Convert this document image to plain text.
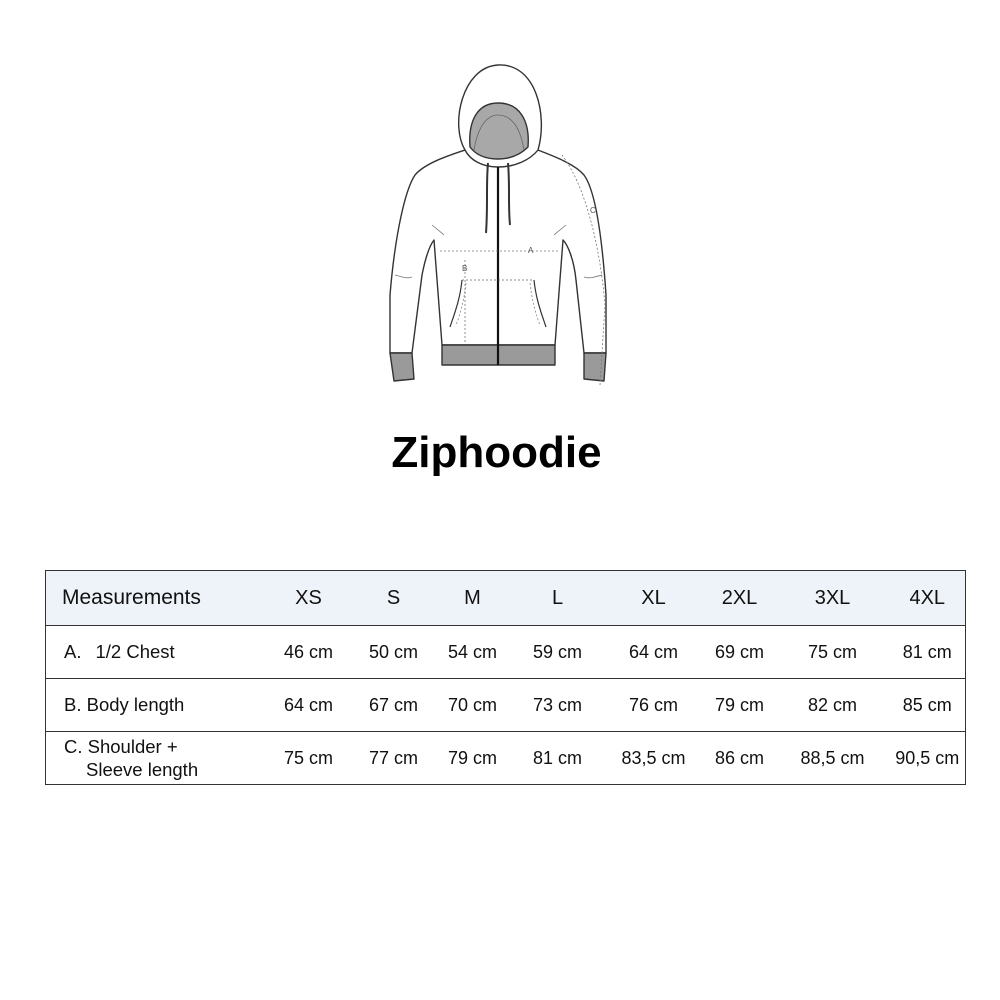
A
B
C
Ziphoodie
Measurements	XS	S	M	L	XL	2XL	3XL	4XL
A. 1/2 Chest	46 cm	50 cm	54 cm	59 cm	64 cm	69 cm	75 cm	81 cm
B. Body length	64 cm	67 cm	70 cm	73 cm	76 cm	79 cm	82 cm	85 cm

C. Shoulder +
Sleeve length	75 cm	77 cm	79 cm	81 cm	83,5 cm	86 cm	88,5 cm	90,5 cm
